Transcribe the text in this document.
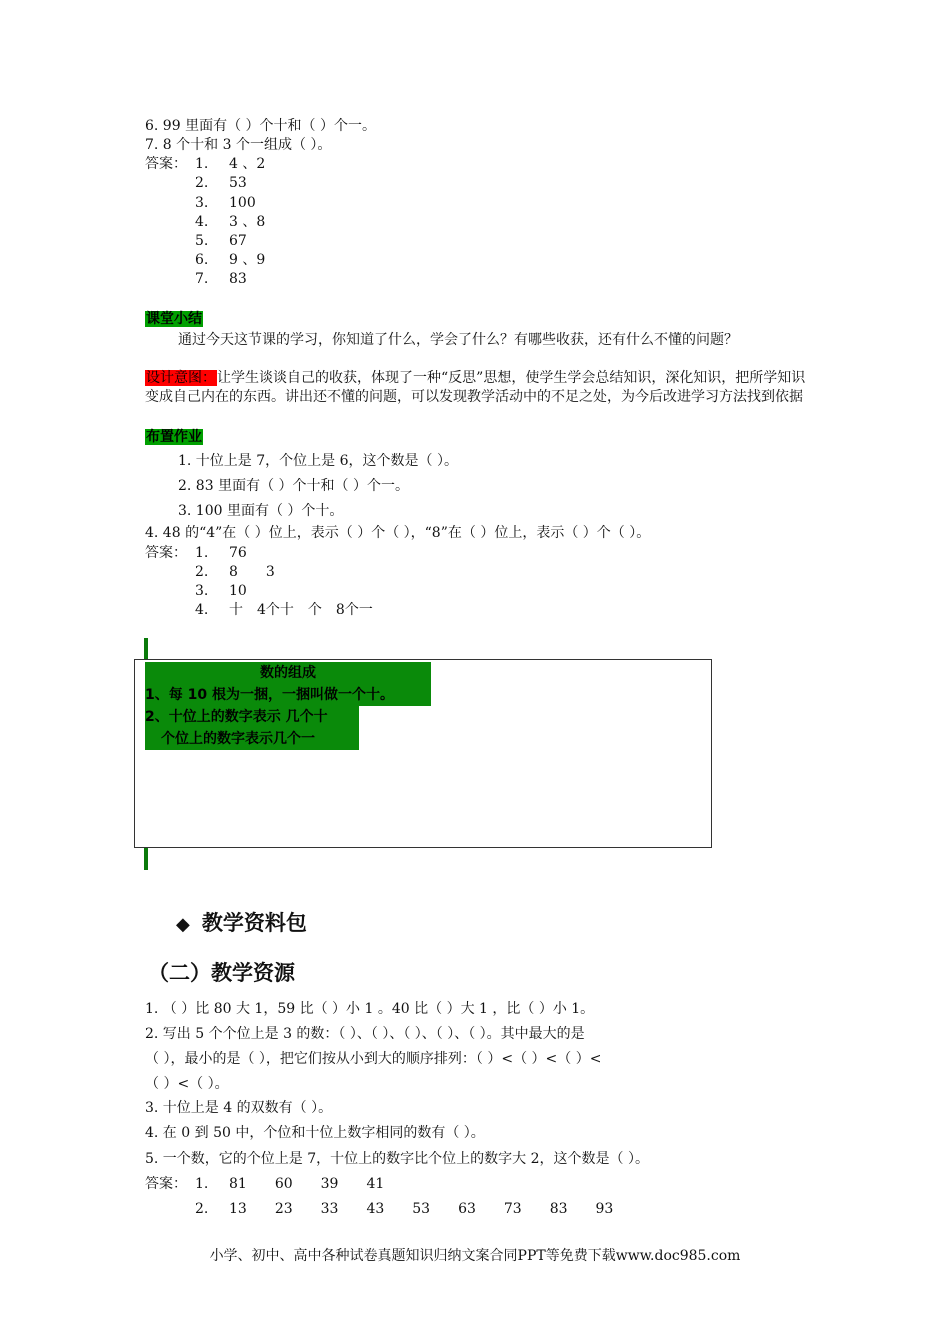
6. 99 里面有（ ）个十和（ ）个一。
7. 8 个十和 3 个一组成（ ）。
答案： 1. 4 、2
2. 53
3. 100
4. 3 、8
5. 67
6. 9 、9
7. 83
课堂小结
通过今天这节课的学习，你知道了什么，学会了什么？有哪些收获，还有什么不懂的问题？
设计意图：让学生谈谈自己的收获，体现了一种“反思”思想，使学生学会总结知识，深化知识，把所学知识变成自己内在的东西。讲出还不懂的问题，可以发现教学活动中的不足之处，为今后改进学习方法找到依据
布置作业
1. 十位上是 7，个位上是 6，这个数是（ ）。
2. 83 里面有（ ）个十和（ ）个一。
3. 100 里面有（ ）个十。
4. 48 的“4”在（ ）位上，表示（ ）个（ ），“8”在（ ）位上，表示（ ）个（ ）。
答案： 1. 76
2. 8　　3
3. 10
4. 十　4个十　个　8个一
数的组成
1、每 10 根为一捆，一捆叫做一个十。
2、十位上的数字表示 几个十
个位上的数字表示几个一
◆ 教学资料包
（二）教学资源
1. （ ）比 80 大 1，59 比（ ）小 1 。40 比（ ）大 1 ，比（ ）小 1。
2. 写出 5 个个位上是 3 的数：（ ）、（ ）、（ ）、（ ）、（ ）。其中最大的是
（ ），最小的是（ ），把它们按从小到大的顺序排列：（ ）<（ ）<（ ）<
（ ）<（ ）。
3. 十位上是 4 的双数有（ ）。
4. 在 0 到 50 中，个位和十位上数字相同的数有（ ）。
5. 一个数，它的个位上是 7，十位上的数字比个位上的数字大 2，这个数是（ ）。
答案： 1. 81　　60　　39　　41
2. 13　　23　　33　　43　　53　　63　　73　　83　　93
小学、初中、高中各种试卷真题知识归纳文案合同PPT等免费下载www.doc985.com
